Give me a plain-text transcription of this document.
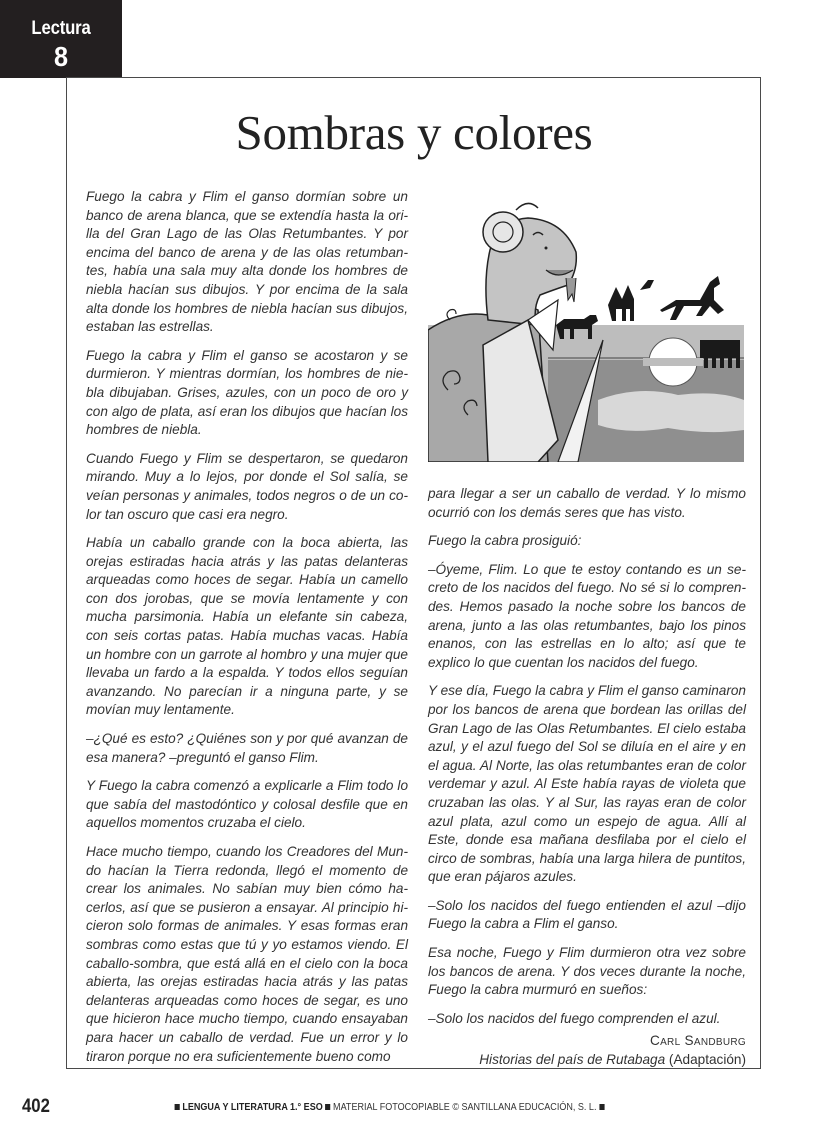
Lectura
8
Sombras y colores

Fuego la cabra y Flim el ganso dormían sobre un banco de arena blanca, que se extendía hasta la orilla del Gran Lago de las Olas Retumbantes. Y por encima del banco de arena y de las olas retumbantes, había una sala muy alta donde los hombres de niebla hacían sus dibujos. Y por encima de la sala alta donde los hombres de niebla hacían sus dibujos, estaban las estrellas.

Fuego la cabra y Flim el ganso se acostaron y se durmieron. Y mientras dormían, los hombres de niebla dibujaban. Grises, azules, con un poco de oro y con algo de plata, así eran los dibujos que hacían los hombres de niebla.

Cuando Fuego y Flim se despertaron, se quedaron mirando. Muy a lo lejos, por donde el Sol salía, se veían personas y animales, todos negros o de un color tan oscuro que casi era negro.

Había un caballo grande con la boca abierta, las orejas estiradas hacia atrás y las patas delanteras arqueadas como hoces de segar. Había un camello con dos jorobas, que se movía lentamente y con mucha parsimonia. Había un elefante sin cabeza, con seis cortas patas. Había muchas vacas. Había un hombre con un garrote al hombro y una mujer que llevaba un fardo a la espalda. Y todos ellos seguían avanzando. No parecían ir a ninguna parte, y se movían muy lentamente.

–¿Qué es esto? ¿Quiénes son y por qué avanzan de esa manera? –preguntó el ganso Flim.

Y Fuego la cabra comenzó a explicarle a Flim todo lo que sabía del mastodóntico y colosal desfile que en aquellos momentos cruzaba el cielo.

Hace mucho tiempo, cuando los Creadores del Mundo hacían la Tierra redonda, llegó el momento de crear los animales. No sabían muy bien cómo hacerlos, así que se pusieron a ensayar. Al principio hicieron solo formas de animales. Y esas formas eran sombras como estas que tú y yo estamos viendo. El caballo-sombra, que está allá en el cielo con la boca abierta, las orejas estiradas hacia atrás y las patas delanteras arqueadas como hoces de segar, es uno que hicieron hace mucho tiempo, cuando ensayaban para hacer un caballo de verdad. Fue un error y lo tiraron porque no era suficientemente bueno como

para llegar a ser un caballo de verdad. Y lo mismo ocurrió con los demás seres que has visto.

Fuego la cabra prosiguió:

–Óyeme, Flim. Lo que te estoy contando es un secreto de los nacidos del fuego. No sé si lo comprendes. Hemos pasado la noche sobre los bancos de arena, junto a las olas retumbantes, bajo los pinos enanos, con las estrellas en lo alto; así que te explico lo que cuentan los nacidos del fuego.

Y ese día, Fuego la cabra y Flim el ganso caminaron por los bancos de arena que bordean las orillas del Gran Lago de las Olas Retumbantes. El cielo estaba azul, y el azul fuego del Sol se diluía en el aire y en el agua. Al Norte, las olas retumbantes eran de color verdemar y azul. Al Este había rayas de violeta que cruzaban las olas. Y al Sur, las rayas eran de color azul plata, azul como un espejo de agua. Allí al Este, donde esa mañana desfilaba por el cielo el circo de sombras, había una larga hilera de puntitos, que eran pájaros azules.

–Solo los nacidos del fuego entienden el azul –dijo Fuego la cabra a Flim el ganso.

Esa noche, Fuego y Flim durmieron otra vez sobre los bancos de arena. Y dos veces durante la noche, Fuego la cabra murmuró en sueños:

–Solo los nacidos del fuego comprenden el azul.

Carl Sandburg
Historias del país de Rutabaga (Adaptación)
402	LENGUA Y LITERATURA 1.° ESO MATERIAL FOTOCOPIABLE © SANTILLANA EDUCACIÓN, S. L.
